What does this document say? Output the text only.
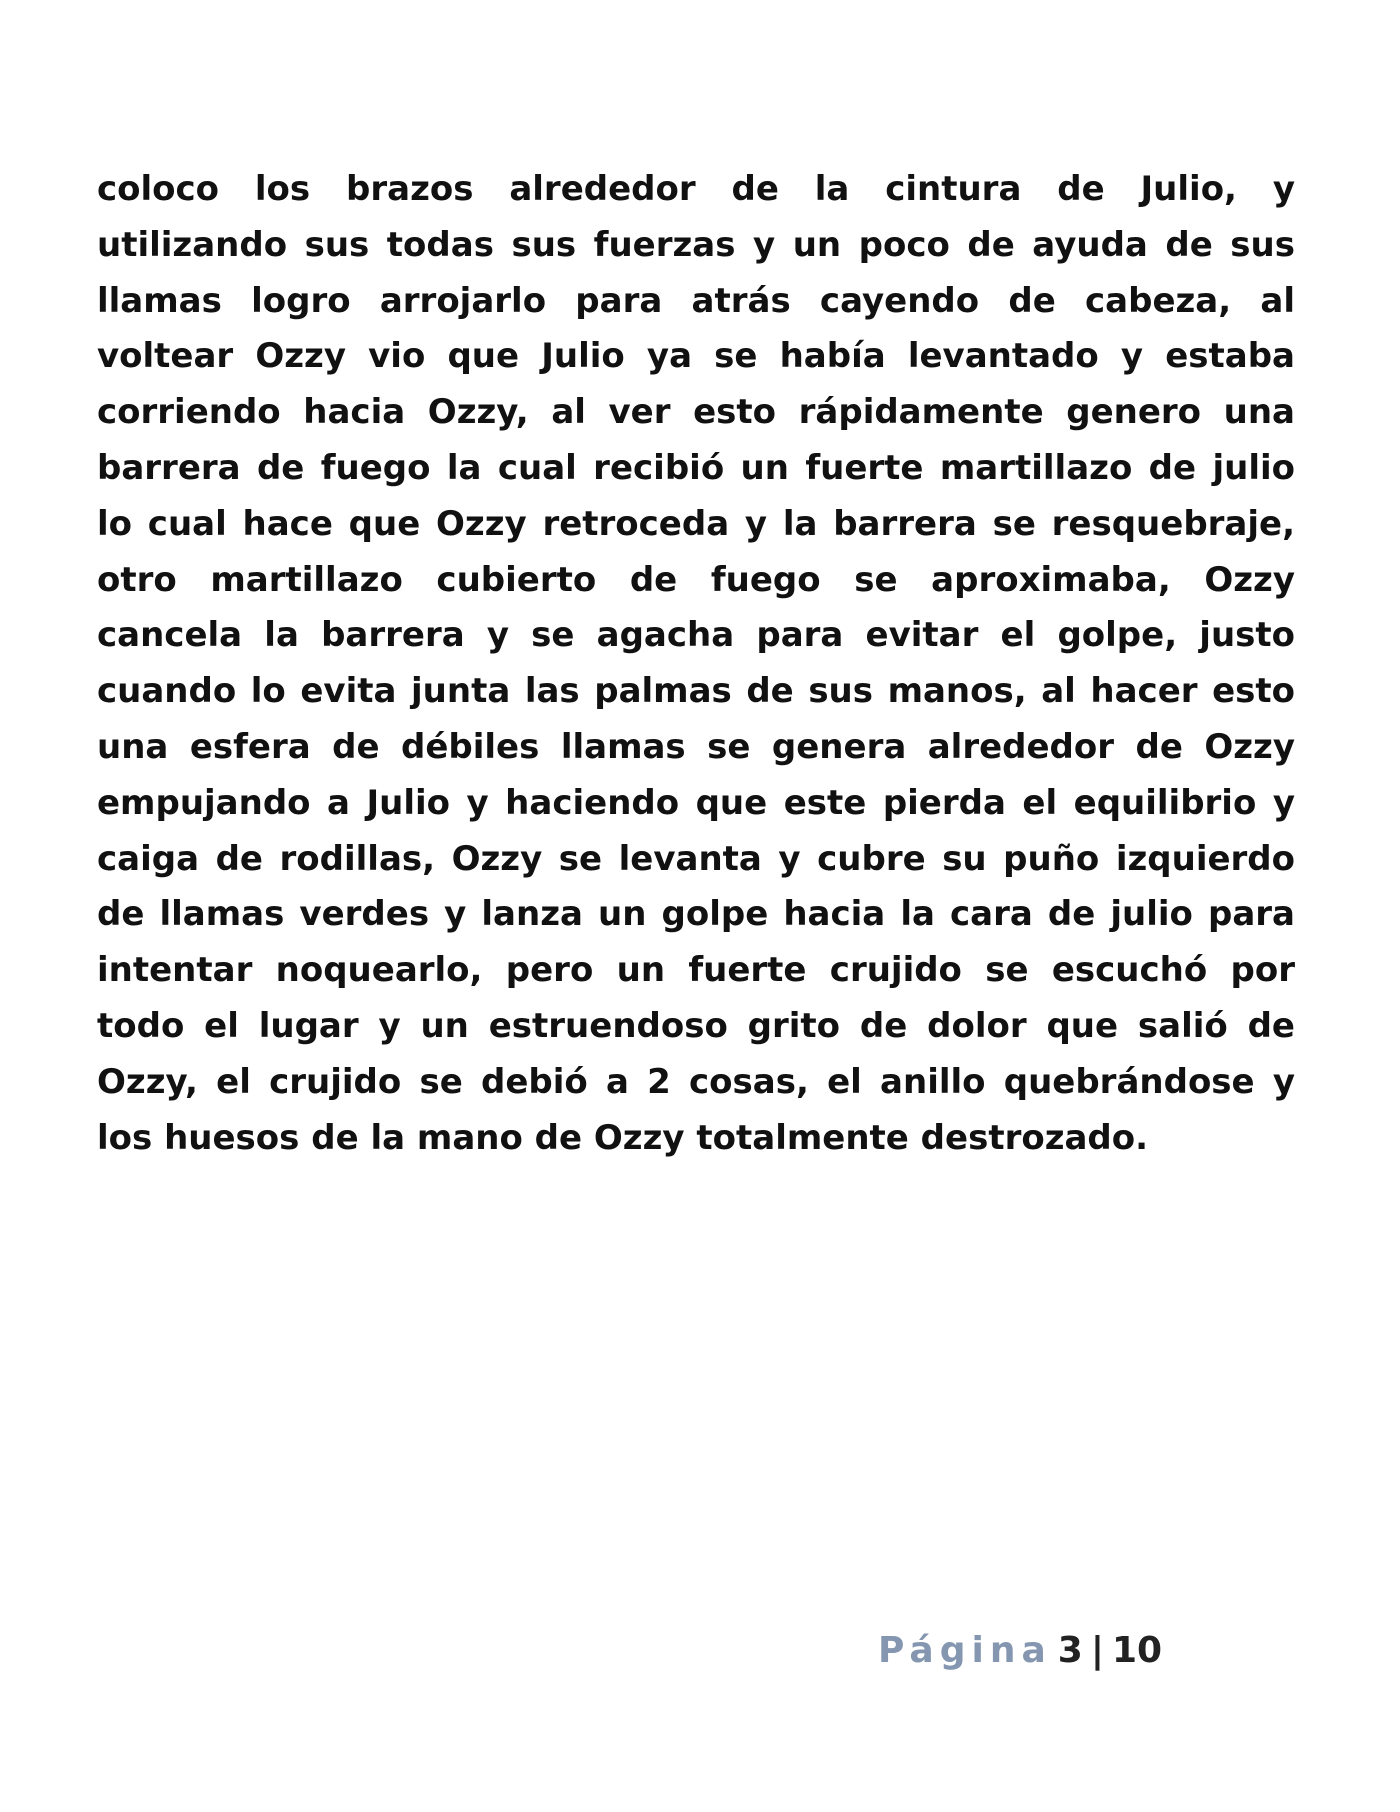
coloco los brazos alrededor de la cintura de Julio, y
utilizando sus todas sus fuerzas y un poco de ayuda de sus
llamas logro arrojarlo para atrás cayendo de cabeza, al
voltear Ozzy vio que Julio ya se había levantado y estaba
corriendo hacia Ozzy, al ver esto rápidamente genero una
barrera de fuego la cual recibió un fuerte martillazo de julio
lo cual hace que Ozzy retroceda y la barrera se resquebraje,
otro martillazo cubierto de fuego se aproximaba, Ozzy
cancela la barrera y se agacha para evitar el golpe, justo
cuando lo evita junta las palmas de sus manos, al hacer esto
una esfera de débiles llamas se genera alrededor de Ozzy
empujando a Julio y haciendo que este pierda el equilibrio y
caiga de rodillas, Ozzy se levanta y cubre su puño izquierdo
de llamas verdes y lanza un golpe hacia la cara de julio para
intentar noquearlo, pero un fuerte crujido se escuchó por
todo el lugar y un estruendoso grito de dolor que salió de
Ozzy, el crujido se debió a 2 cosas, el anillo quebrándose y
los huesos de la mano de Ozzy totalmente destrozado.
Página 3 | 10
